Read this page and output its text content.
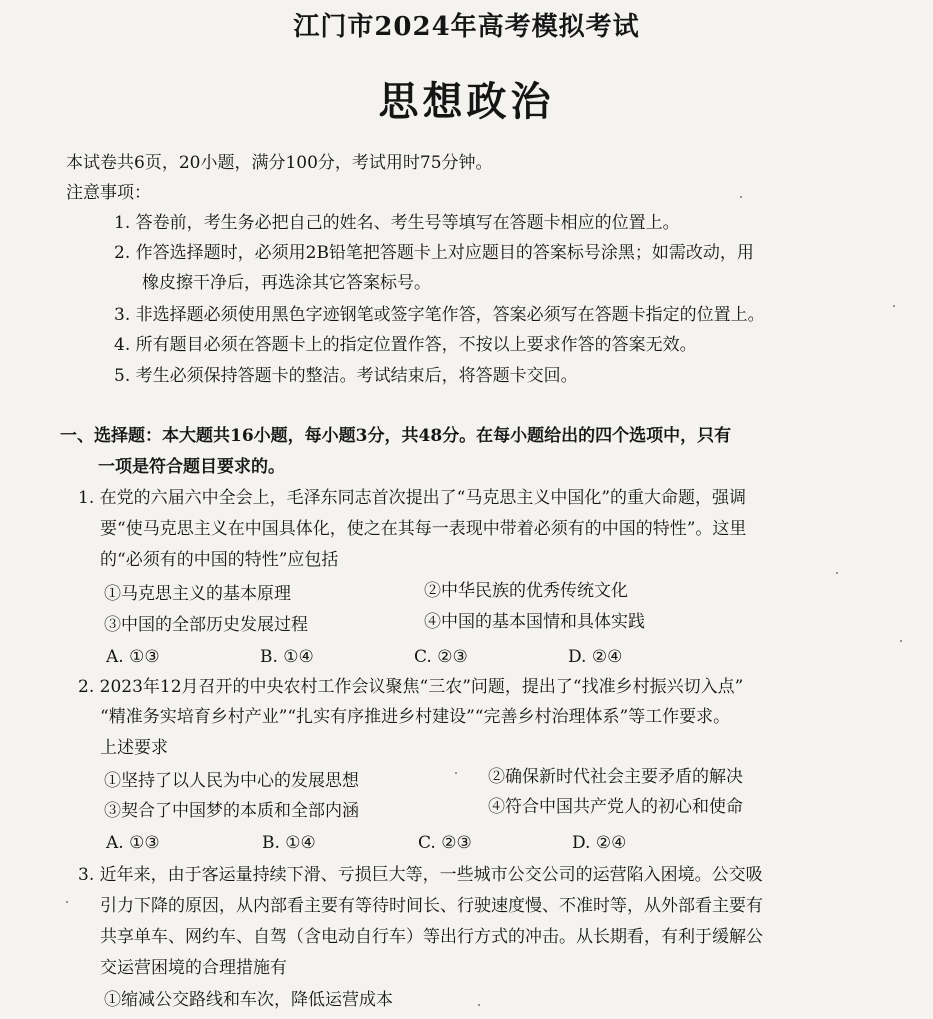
江门市2024年高考模拟考试
思想政治
本试卷共6页，20小题，满分100分，考试用时75分钟。
注意事项：
1. 答卷前，考生务必把自己的姓名、考生号等填写在答题卡相应的位置上。
2. 作答选择题时，必须用2B铅笔把答题卡上对应题目的答案标号涂黑；如需改动，用
橡皮擦干净后，再选涂其它答案标号。
3. 非选择题必须使用黑色字迹钢笔或签字笔作答，答案必须写在答题卡指定的位置上。
4. 所有题目必须在答题卡上的指定位置作答，不按以上要求作答的答案无效。
5. 考生必须保持答题卡的整洁。考试结束后，将答题卡交回。
一、选择题：本大题共16小题，每小题3分，共48分。在每小题给出的四个选项中，只有
一项是符合题目要求的。
1. 在党的六届六中全会上，毛泽东同志首次提出了“马克思主义中国化”的重大命题，强调
要“使马克思主义在中国具体化，使之在其每一表现中带着必须有的中国的特性”。这里
的“必须有的中国的特性”应包括
①马克思主义的基本原理	②中华民族的优秀传统文化
③中国的全部历史发展过程	④中国的基本国情和具体实践
A. ①③	B. ①④	C. ②③	D. ②④
2. 2023年12月召开的中央农村工作会议聚焦“三农”问题，提出了“找准乡村振兴切入点”
“精准务实培育乡村产业”“扎实有序推进乡村建设”“完善乡村治理体系”等工作要求。
上述要求
①坚持了以人民为中心的发展思想	②确保新时代社会主要矛盾的解决
③契合了中国梦的本质和全部内涵	④符合中国共产党人的初心和使命
A. ①③	B. ①④	C. ②③	D. ②④
3. 近年来，由于客运量持续下滑、亏损巨大等，一些城市公交公司的运营陷入困境。公交吸
引力下降的原因，从内部看主要有等待时间长、行驶速度慢、不准时等，从外部看主要有
共享单车、网约车、自驾（含电动自行车）等出行方式的冲击。从长期看，有利于缓解公
交运营困境的合理措施有
①缩减公交路线和车次，降低运营成本
